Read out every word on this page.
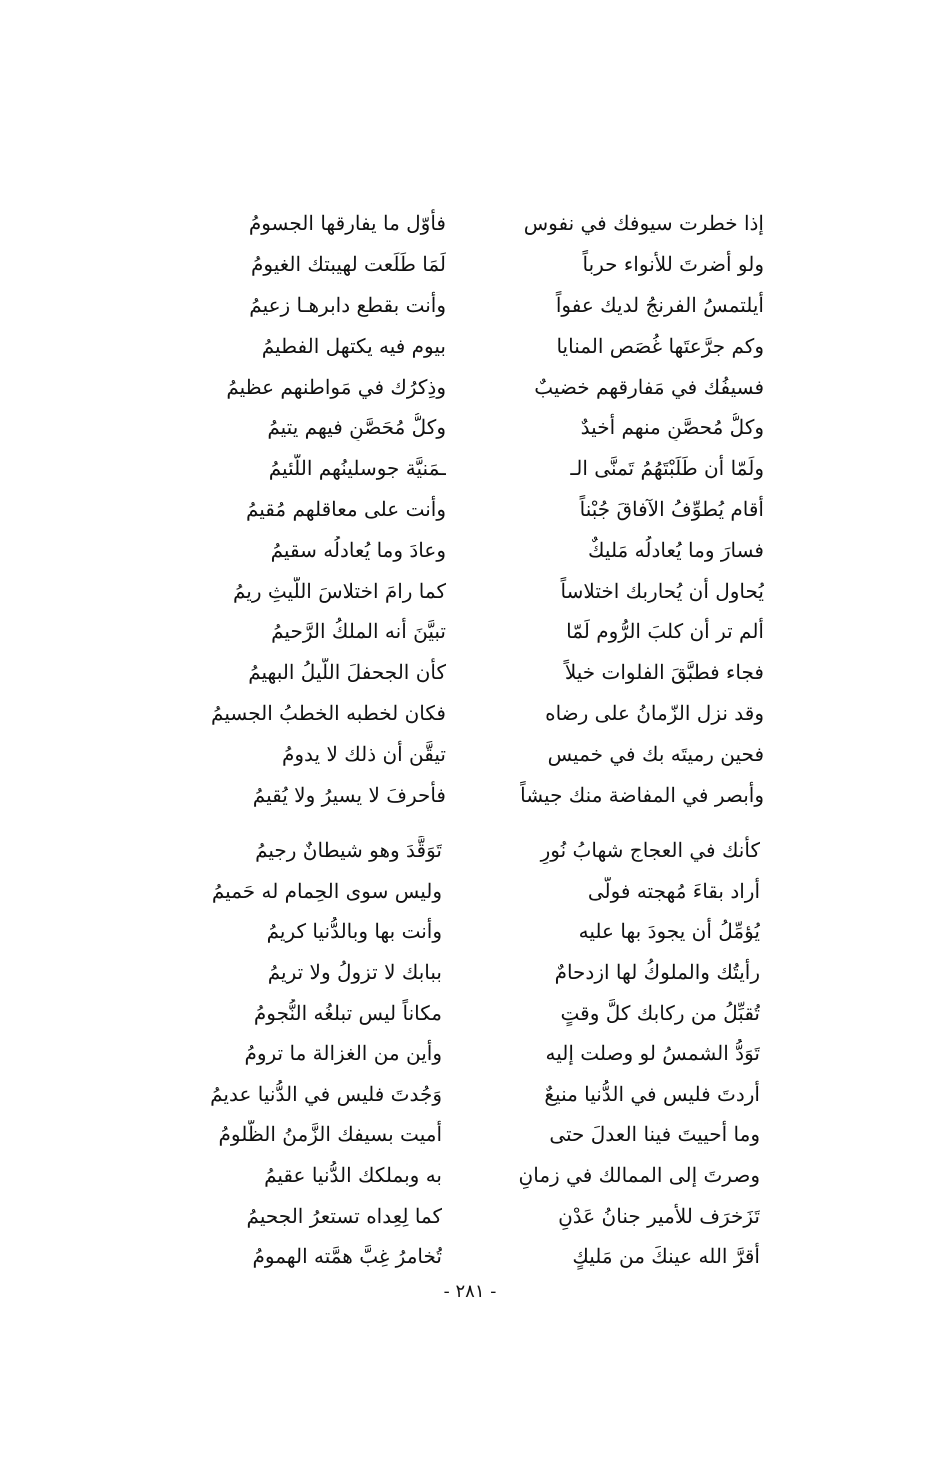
إذا خطرت سيوفك في نفوس
فأوّل ما يفارقها الجسومُ
ولو أضرتَ للأنواء حرباً
لَمَا طَلَعت لهيبتك الغيومُ
أيلتمسُ الفرنجُ لديك عفواً
وأنت بقطع دابرهـا زعيمُ
وكم جرَّعتَها غُصَص المنايا
بيوم فيه يكتهل الفطيمُ
فسيفُك في مَفارقهم خضيبٌ
وذِكرُك في مَواطنهم عظيمُ
وكلُّ مُحصَّنٍ منهم أخيدٌ
وكلُّ مُحَصَّنٍ فيهم يتيمُ
ولَمّا أن طَلَبْتَهُمُ تَمنَّى الـ
ـمَنيَّة جوسلينُهم اللّئيمُ
أقام يُطوِّفُ الآفاقَ جُبْناً
وأنت على معاقلهم مُقيمُ
فسارَ وما يُعادلُه مَليكٌ
وعادَ وما يُعادلُه سقيمُ
يُحاول أن يُحاربك اختلاساً
كما رامَ اختلاسَ اللَّيثِ ريمُ
ألم تر أن كلبَ الرُّوم لَمّا
تبيَّنَ أنه الملكُ الرَّحيمُ
فجاء فطبَّقَ الفلوات خيلاً
كأن الجحفلَ اللَّيلُ البهيمُ
وقد نزل الزّمانُ على رضاه
فكان لخطبه الخطبُ الجسيمُ
فحين رميتَه بك في خميس
تيقَّن أن ذلك لا يدومُ
وأبصر في المفاضة منك جيشاً
فأحرفَ لا يسيرُ ولا يُقيمُ
كأنك في العجاج شهابُ نُورٍ
تَوَقَّدَ وهو شيطانٌ رجيمُ
أراد بقاءَ مُهجته فولَّى
وليس سوى الحِمام له حَميمُ
يُؤمِّلُ أن يجودَ بها عليه
وأنت بها وبالدُّنيا كريمُ
رأيتُك والملوكُ لها ازدحامٌ
ببابك لا تزولُ ولا تريمُ
تُقبِّلُ من ركابك كلَّ وقتٍ
مكاناً ليس تبلغُه النُّجومُ
تَوَدُّ الشمسُ لو وصلت إليه
وأين من الغزالة ما ترومُ
أردتَ فليس في الدُّنيا منيعٌ
وَجُدتَ فليس في الدُّنيا عديمُ
وما أحييتَ فينا العدلَ حتى
أُميت بسيفك الزَّمنُ الظَّلومُ
وصرتَ إلى الممالك في زمانٍ
به وبملكك الدُّنيا عقيمُ
تَزَخرَف للأمير جنانُ عَدْنٍ
كما لِعِداه تستعرُ الجحيمُ
أقرَّ الله عينكَ من مَليكٍ
تُخامرُ غِبَّ همَّته الهمومُ
- ٢٨١ -
